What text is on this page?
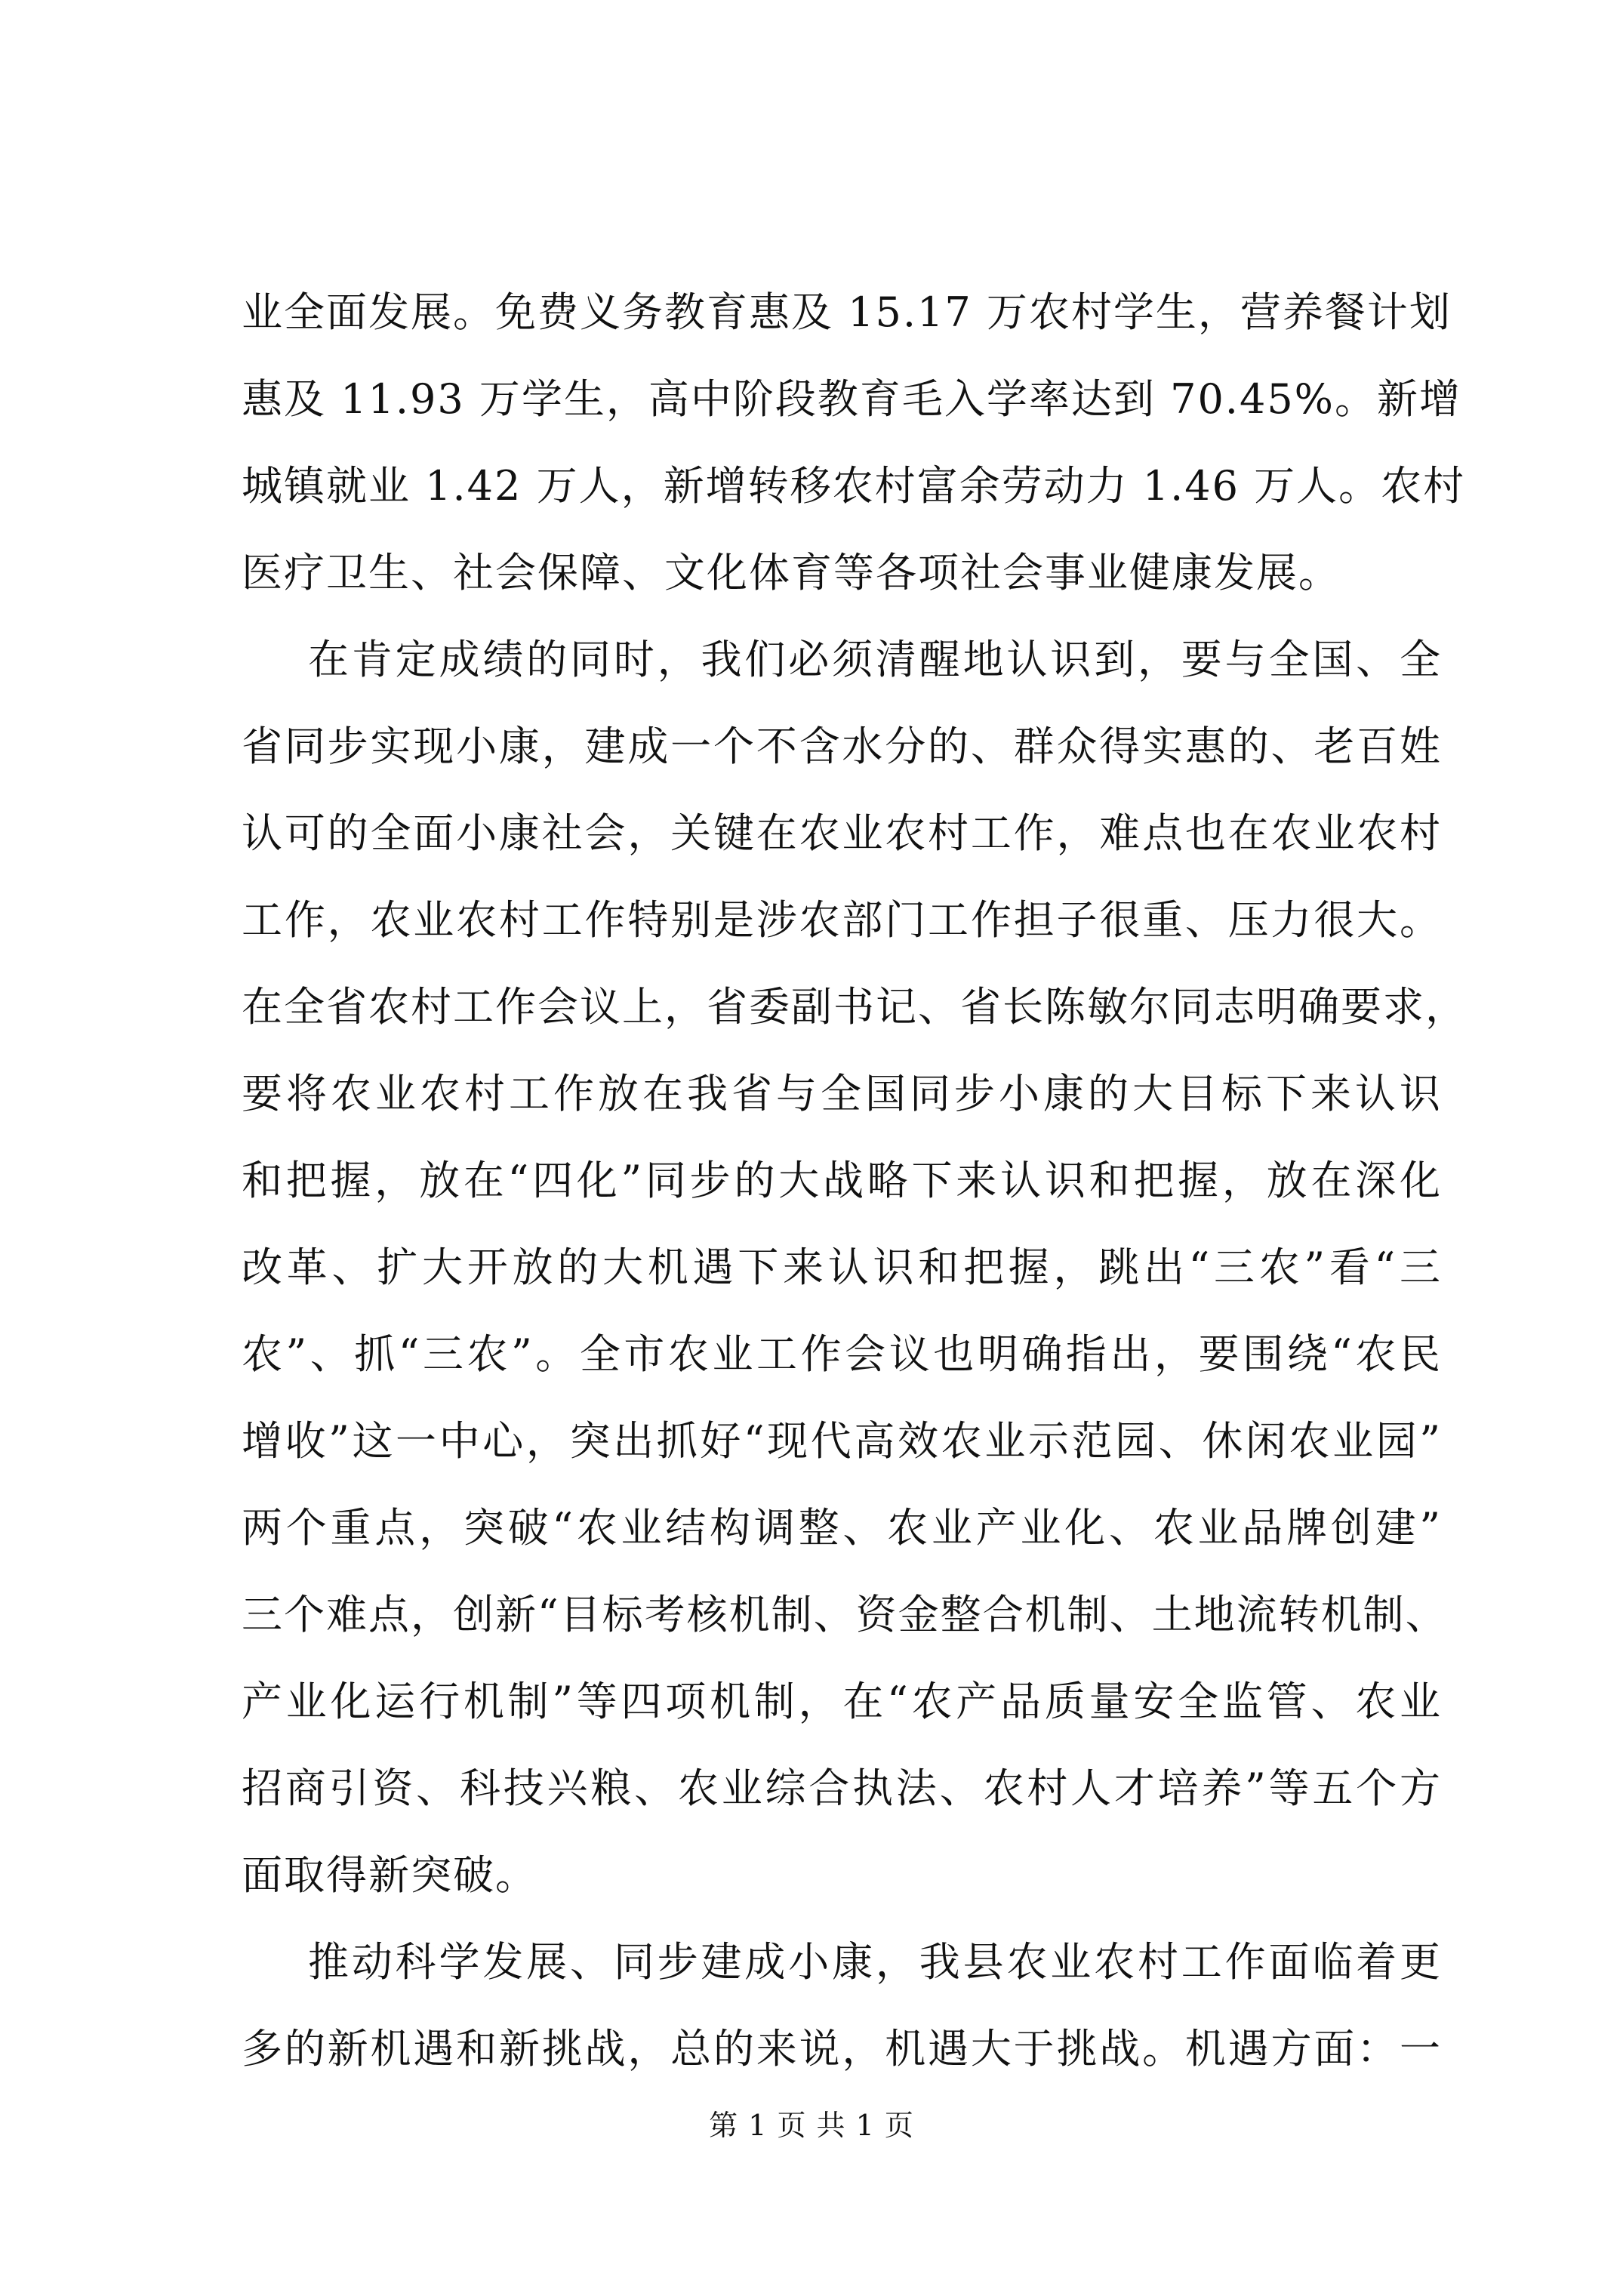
业全面发展。免费义务教育惠及 15.17 万农村学生，营养餐计划
惠及 11.93 万学生，高中阶段教育毛入学率达到 70.45%。新增
城镇就业 1.42 万人，新增转移农村富余劳动力 1.46 万人。农村
医疗卫生、社会保障、文化体育等各项社会事业健康发展。
在肯定成绩的同时，我们必须清醒地认识到，要与全国、全
省同步实现小康，建成一个不含水分的、群众得实惠的、老百姓
认可的全面小康社会，关键在农业农村工作，难点也在农业农村
工作，农业农村工作特别是涉农部门工作担子很重、压力很大。
在全省农村工作会议上，省委副书记、省长陈敏尔同志明确要求，
要将农业农村工作放在我省与全国同步小康的大目标下来认识
和把握，放在“四化”同步的大战略下来认识和把握，放在深化
改革、扩大开放的大机遇下来认识和把握，跳出“三农”看“三
农”、抓“三农”。全市农业工作会议也明确指出，要围绕“农民
增收”这一中心，突出抓好“现代高效农业示范园、休闲农业园”
两个重点，突破“农业结构调整、农业产业化、农业品牌创建”
三个难点，创新“目标考核机制、资金整合机制、土地流转机制、
产业化运行机制”等四项机制，在“农产品质量安全监管、农业
招商引资、科技兴粮、农业综合执法、农村人才培养”等五个方
面取得新突破。
推动科学发展、同步建成小康，我县农业农村工作面临着更
多的新机遇和新挑战，总的来说，机遇大于挑战。机遇方面：一
第 1 页 共 1 页
